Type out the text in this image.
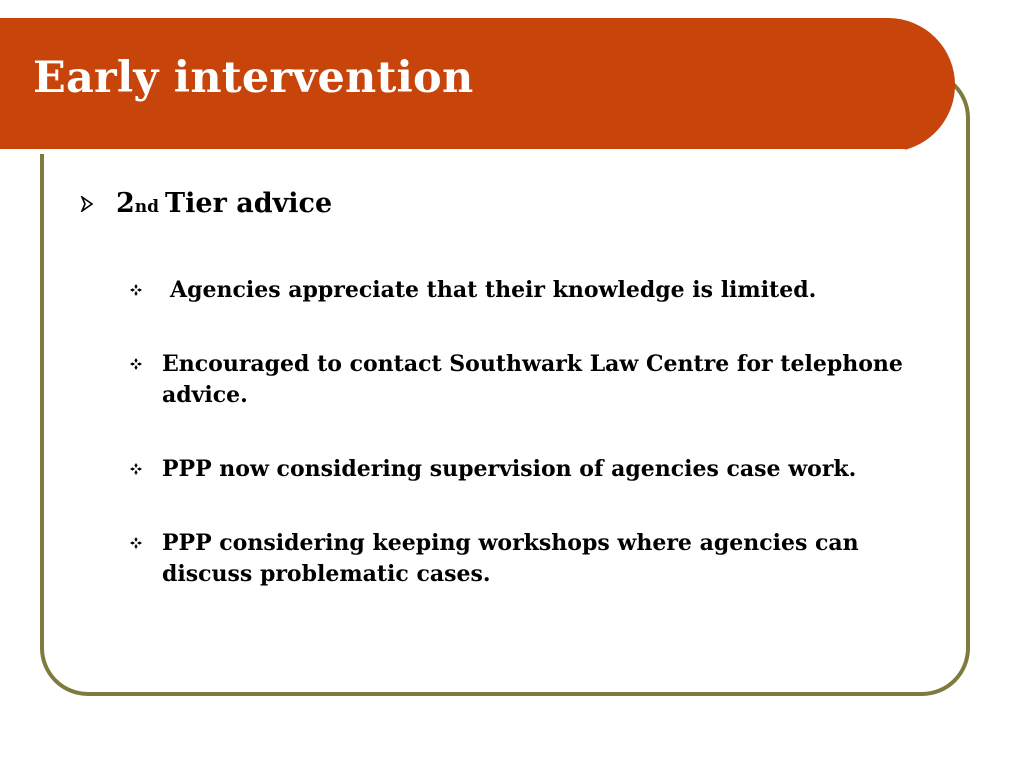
Early intervention
2 nd Tier advice
Agencies appreciate that their knowledge is limited.
Encouraged to contact Southwark Law Centre for telephone advice.
PPP now considering supervision of agencies case work.
PPP considering keeping workshops where agencies can discuss problematic cases.
